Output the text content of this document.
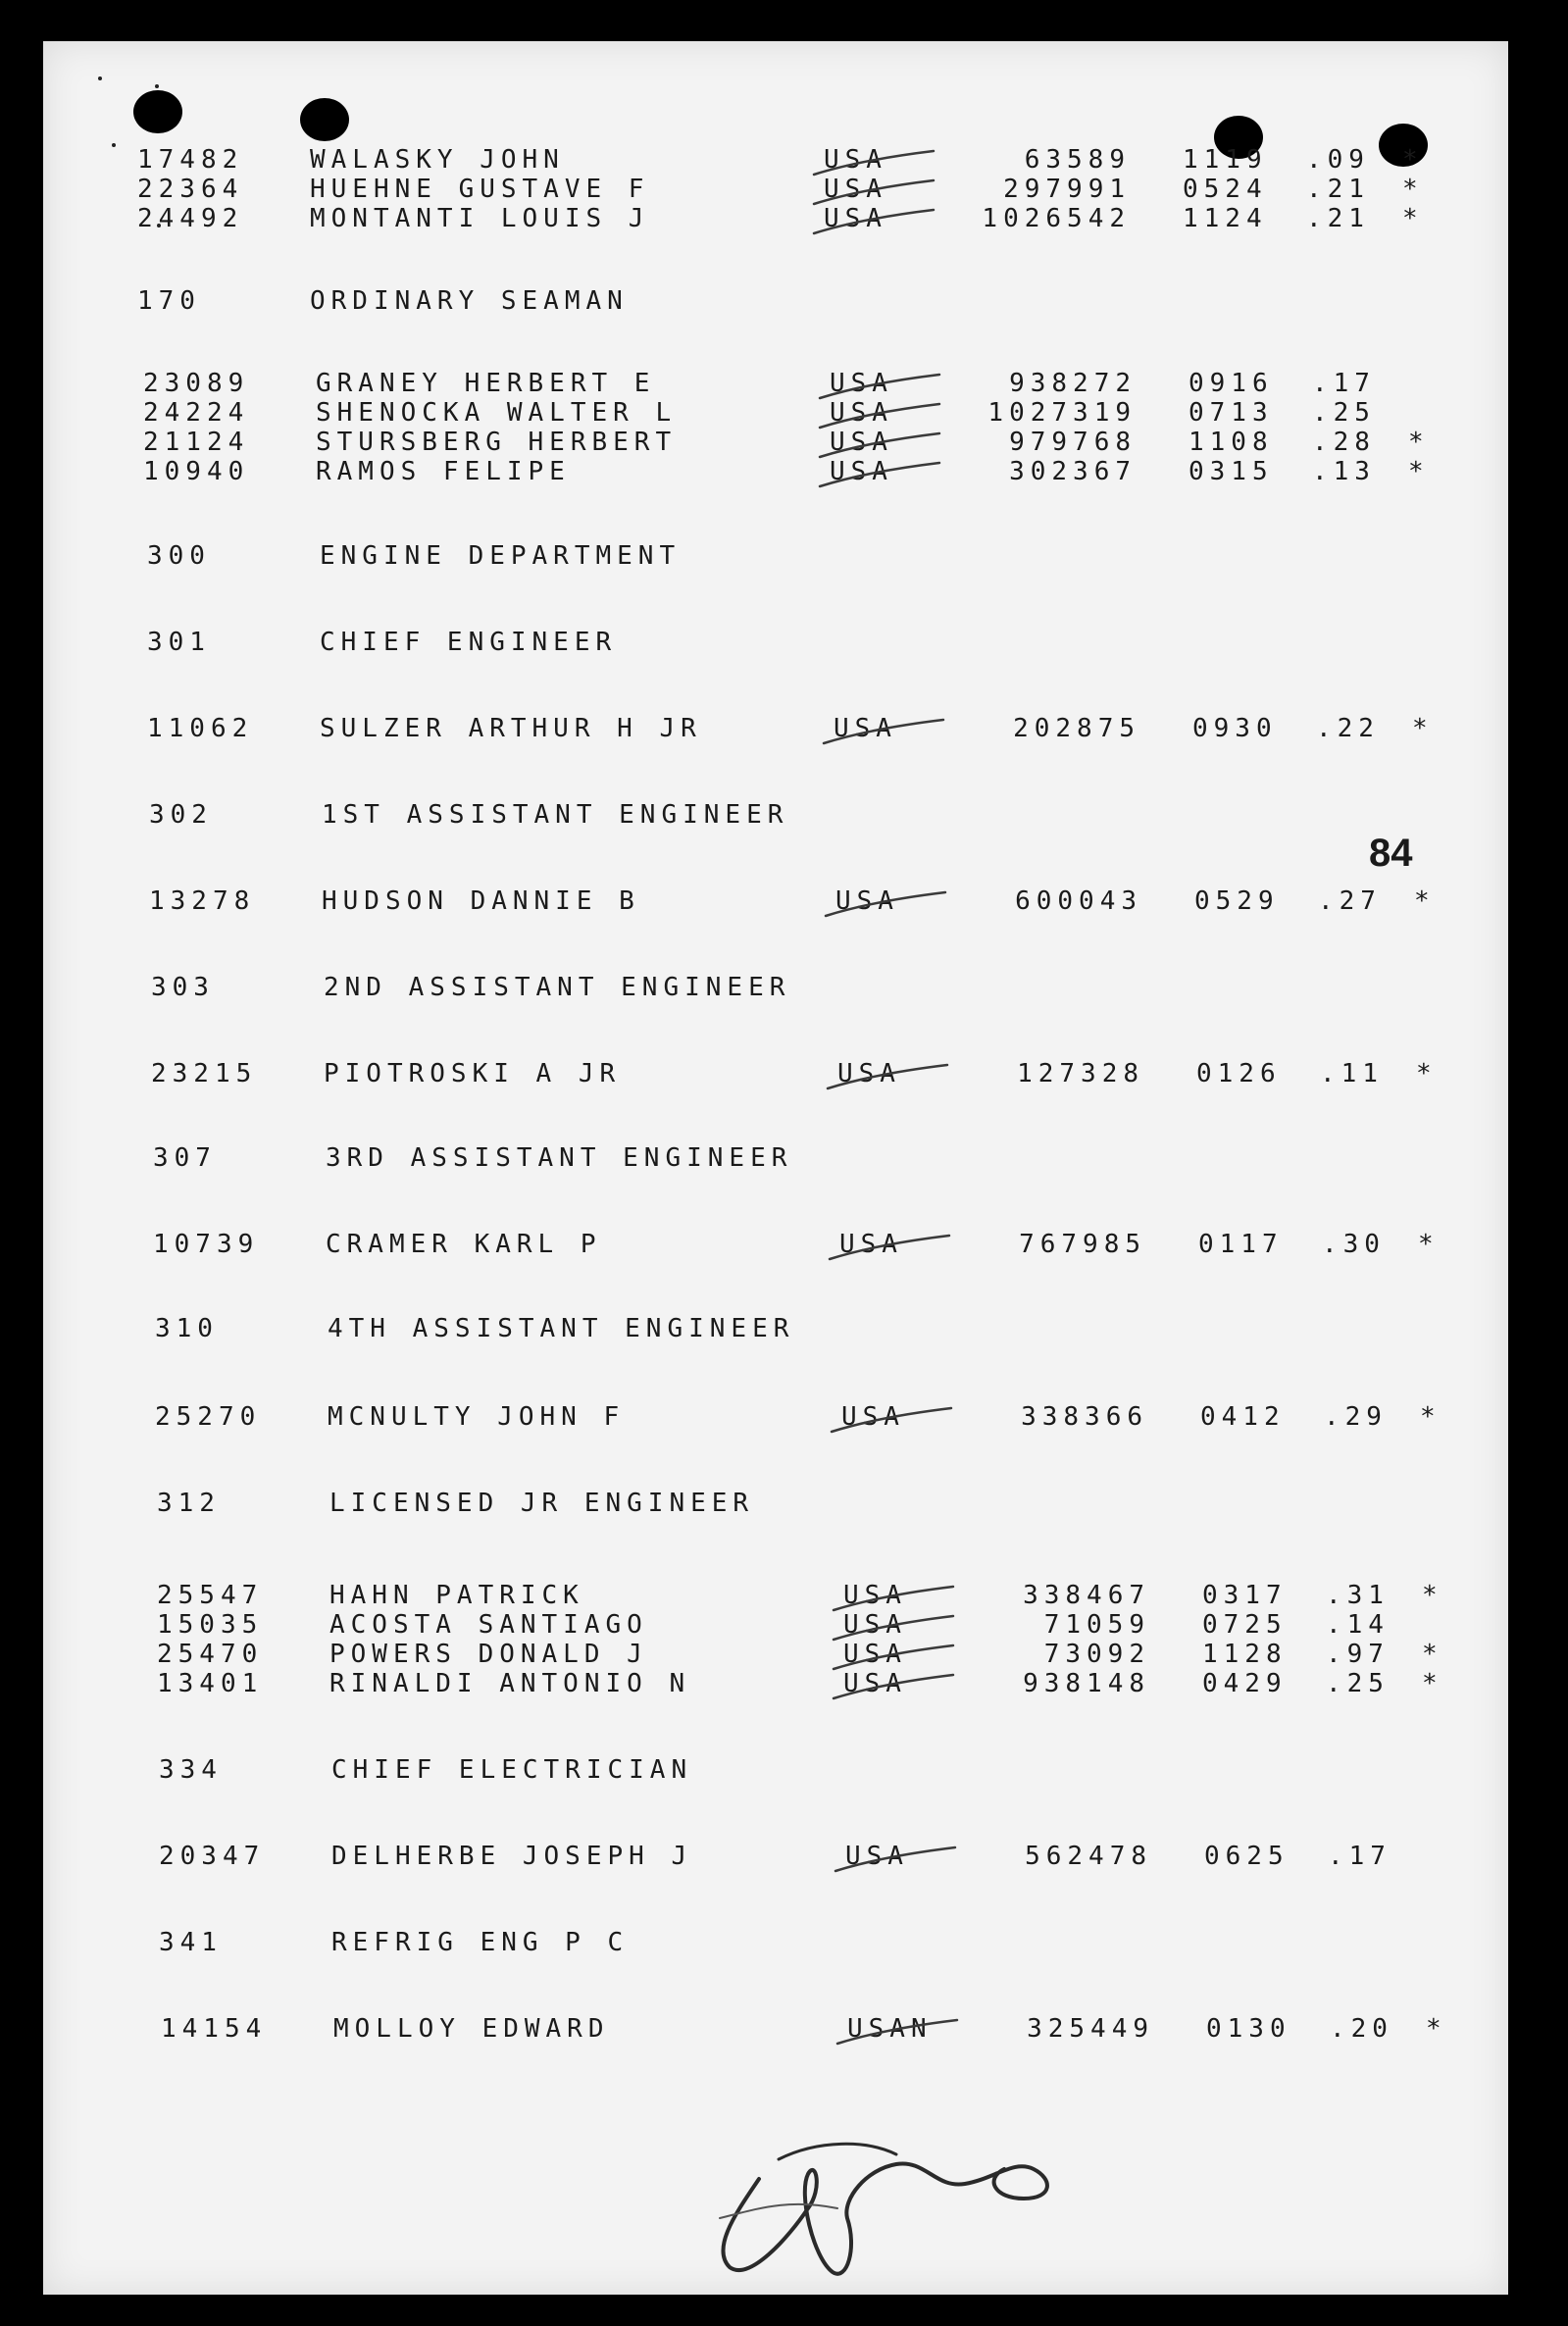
17482	WALASKY JOHN	USA	63589 1119 .09 *
22364	HUEHNE GUSTAVE F	USA	297991 0524 .21 *
24492	MONTANTI LOUIS J	USA	1026542 1124 .21 *
170	ORDINARY SEAMAN
23089	GRANEY HERBERT E	USA	938272 0916 .17
24224	SHENOCKA WALTER L	USA	1027319 0713 .25
21124	STURSBERG HERBERT	USA	979768 1108 .28 *
10940	RAMOS FELIPE	USA	302367 0315 .13 *
300	ENGINE DEPARTMENT
301	CHIEF ENGINEER
11062	SULZER ARTHUR H JR	USA	202875 0930 .22 *
302	1ST ASSISTANT ENGINEER
13278	HUDSON DANNIE B	USA	600043 0529 .27 *
303	2ND ASSISTANT ENGINEER
23215	PIOTROSKI A JR	USA	127328 0126 .11 *
307	3RD ASSISTANT ENGINEER
10739	CRAMER KARL P	USA	767985 0117 .30 *
310	4TH ASSISTANT ENGINEER
25270	MCNULTY JOHN F	USA	338366 0412 .29 *
312	LICENSED JR ENGINEER
25547	HAHN PATRICK	USA	338467 0317 .31 *
15035	ACOSTA SANTIAGO	USA	71059 0725 .14
25470	POWERS DONALD J	USA	73092 1128 .97 *
13401	RINALDI ANTONIO N	USA	938148 0429 .25 *
334	CHIEF ELECTRICIAN
20347	DELHERBE JOSEPH J	USA	562478 0625 .17
341	REFRIG ENG P C
14154	MOLLOY EDWARD	USAN	325449 0130 .20 *
84
